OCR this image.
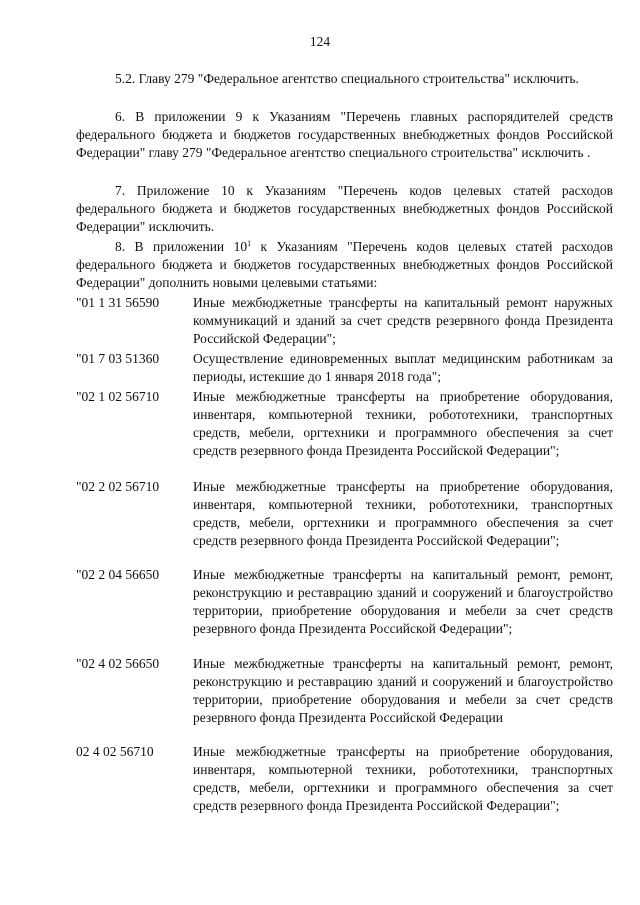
124

5.2. Главу 279 "Федеральное агентство специального строительства" исключить.

6. В приложении 9 к Указаниям "Перечень главных распорядителей средств федерального бюджета и бюджетов государственных внебюджетных фондов Российской Федерации" главу 279 "Федеральное агентство специального строительства" исключить .

7. Приложение 10 к Указаниям "Перечень кодов целевых статей расходов федерального бюджета и бюджетов государственных внебюджетных фондов Российской Федерации" исключить.

8. В приложении $10^1$ к Указаниям "Перечень кодов целевых статей расходов федерального бюджета и бюджетов государственных внебюджетных фондов Российской Федерации" дополнить новыми целевыми статьями:

"01 1 31 56590	Иные межбюджетные трансферты на капитальный ремонт наружных коммуникаций и зданий за счет средств резервного фонда Президента Российской Федерации";

"01 7 03 51360	Осуществление единовременных выплат медицинским работникам за периоды, истекшие до 1 января 2018 года";

"02 1 02 56710	Иные межбюджетные трансферты на приобретение оборудования, инвентаря, компьютерной техники, робототехники, транспортных средств, мебели, оргтехники и программного обеспечения за счет средств резервного фонда Президента Российской Федерации";

"02 2 02 56710	Иные межбюджетные трансферты на приобретение оборудования, инвентаря, компьютерной техники, робототехники, транспортных средств, мебели, оргтехники и программного обеспечения за счет средств резервного фонда Президента Российской Федерации";

"02 2 04 56650	Иные межбюджетные трансферты на капитальный ремонт, ремонт, реконструкцию и реставрацию зданий и сооружений и благоустройство территории, приобретение оборудования и мебели за счет средств резервного фонда Президента Российской Федерации";

"02 4 02 56650	Иные межбюджетные трансферты на капитальный ремонт, ремонт, реконструкцию и реставрацию зданий и сооружений и благоустройство территории, приобретение оборудования и мебели за счет средств резервного фонда Президента Российской Федерации

02 4 02 56710	Иные межбюджетные трансферты на приобретение оборудования, инвентаря, компьютерной техники, робототехники, транспортных средств, мебели, оргтехники и программного обеспечения за счет средств резервного фонда Президента Российской Федерации";
